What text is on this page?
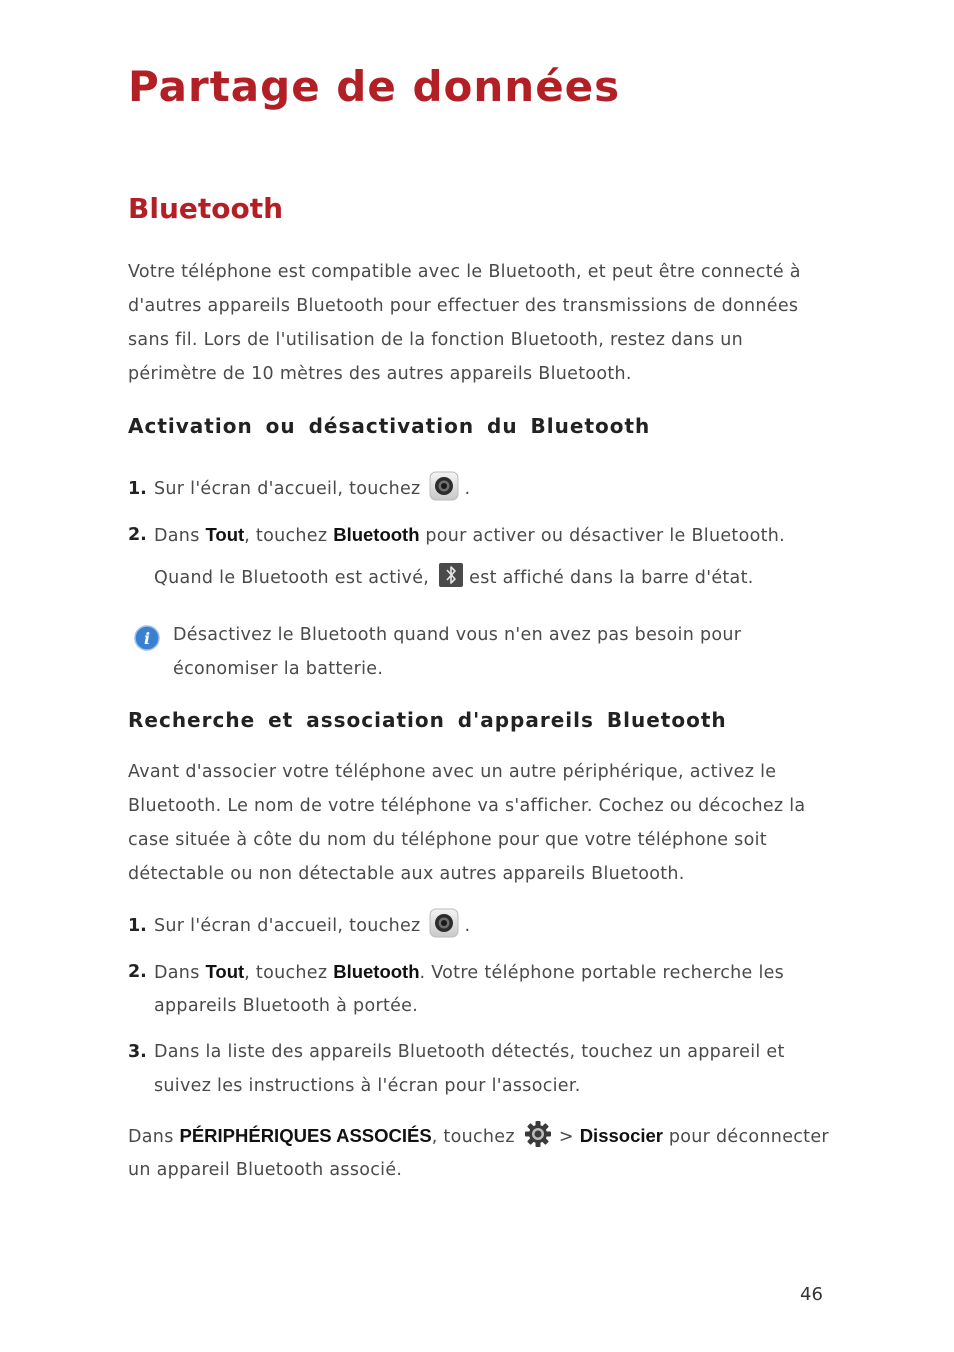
Partage de données
Bluetooth

Votre téléphone est compatible avec le Bluetooth, et peut être connecté à d'autres appareils Bluetooth pour effectuer des transmissions de données sans fil. Lors de l'utilisation de la fonction Bluetooth, restez dans un périmètre de 10 mètres des autres appareils Bluetooth.

Activation ou désactivation du Bluetooth
1. Sur l'écran d'accueil, touchez	.

2. Dans Tout, touchez Bluetooth pour activer ou désactiver le Bluetooth.

Quand le Bluetooth est activé, est affiché dans la barre d'état.

i Désactivez le Bluetooth quand vous n'en avez pas besoin pour

économiser la batterie.

Recherche et association d'appareils Bluetooth

Avant d'associer votre téléphone avec un autre périphérique, activez le Bluetooth. Le nom de votre téléphone va s'afficher. Cochez ou décochez la case située à côte du nom du téléphone pour que votre téléphone soit détectable ou non détectable aux autres appareils Bluetooth.

1. Sur l'écran d'accueil, touchez	.

2. Dans Tout, touchez Bluetooth. Votre téléphone portable recherche les

appareils Bluetooth à portée.

3. Dans la liste des appareils Bluetooth détectés, touchez un appareil et

suivez les instructions à l'écran pour l'associer.

Dans PÉRIPHÉRIQUES ASSOCIÉS, touchez	> Dissocier pour déconnecter

un appareil Bluetooth associé.

46
